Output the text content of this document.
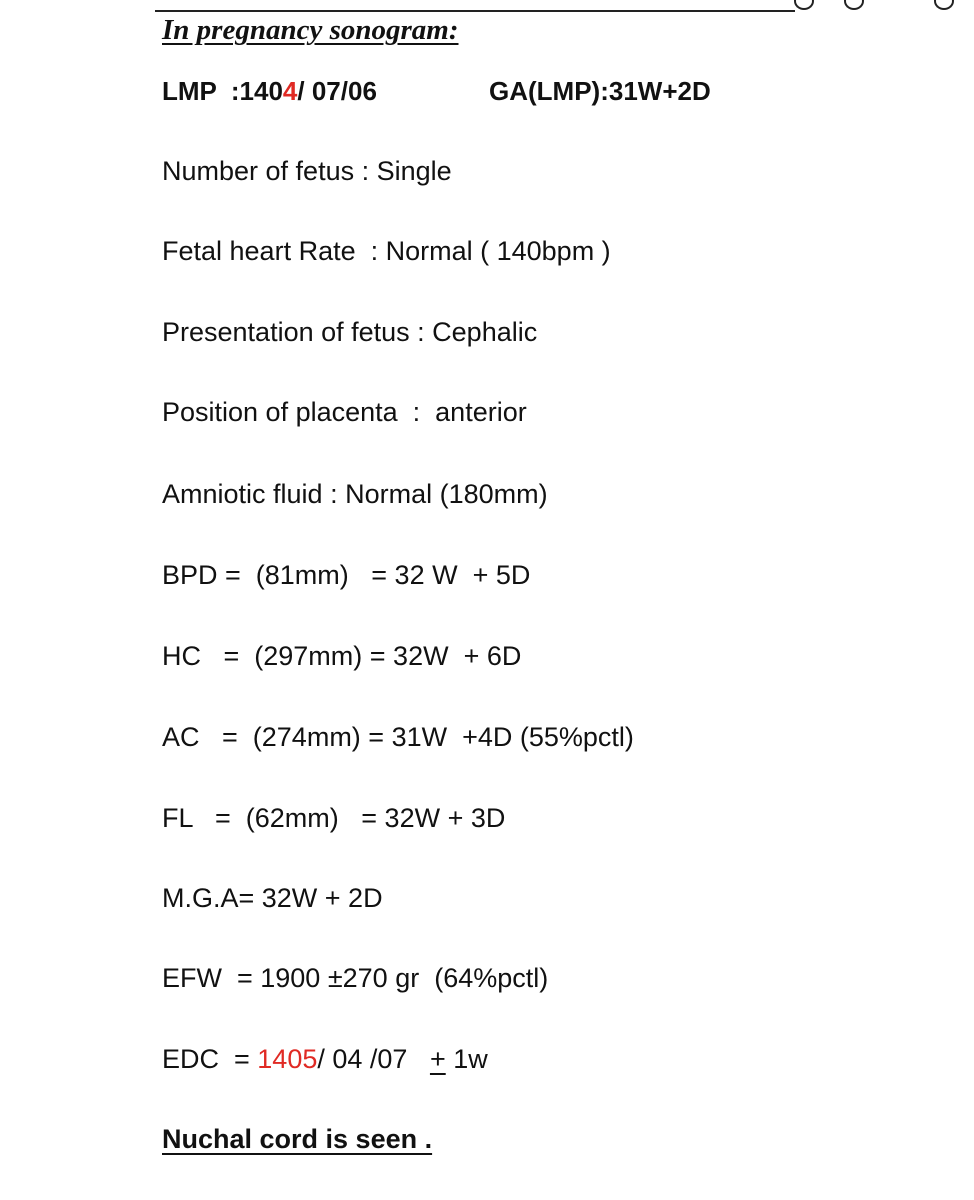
In pregnancy sonogram:
LMP  :1404/ 07/06	GA(LMP):31W+2D
Number of fetus : Single
Fetal heart Rate  : Normal ( 140bpm )
Presentation of fetus : Cephalic
Position of placenta  :  anterior
Amniotic fluid : Normal (180mm)
BPD =  (81mm)   = 32 W  + 5D
HC   =  (297mm) = 32W  + 6D
AC   =  (274mm) = 31W  +4D (55%pctl)
FL   =  (62mm)   = 32W + 3D
M.G.A= 32W + 2D
EFW  = 1900 ±270 gr  (64%pctl)
EDC  = 1405/ 04 /07   + 1w
Nuchal cord is seen .
